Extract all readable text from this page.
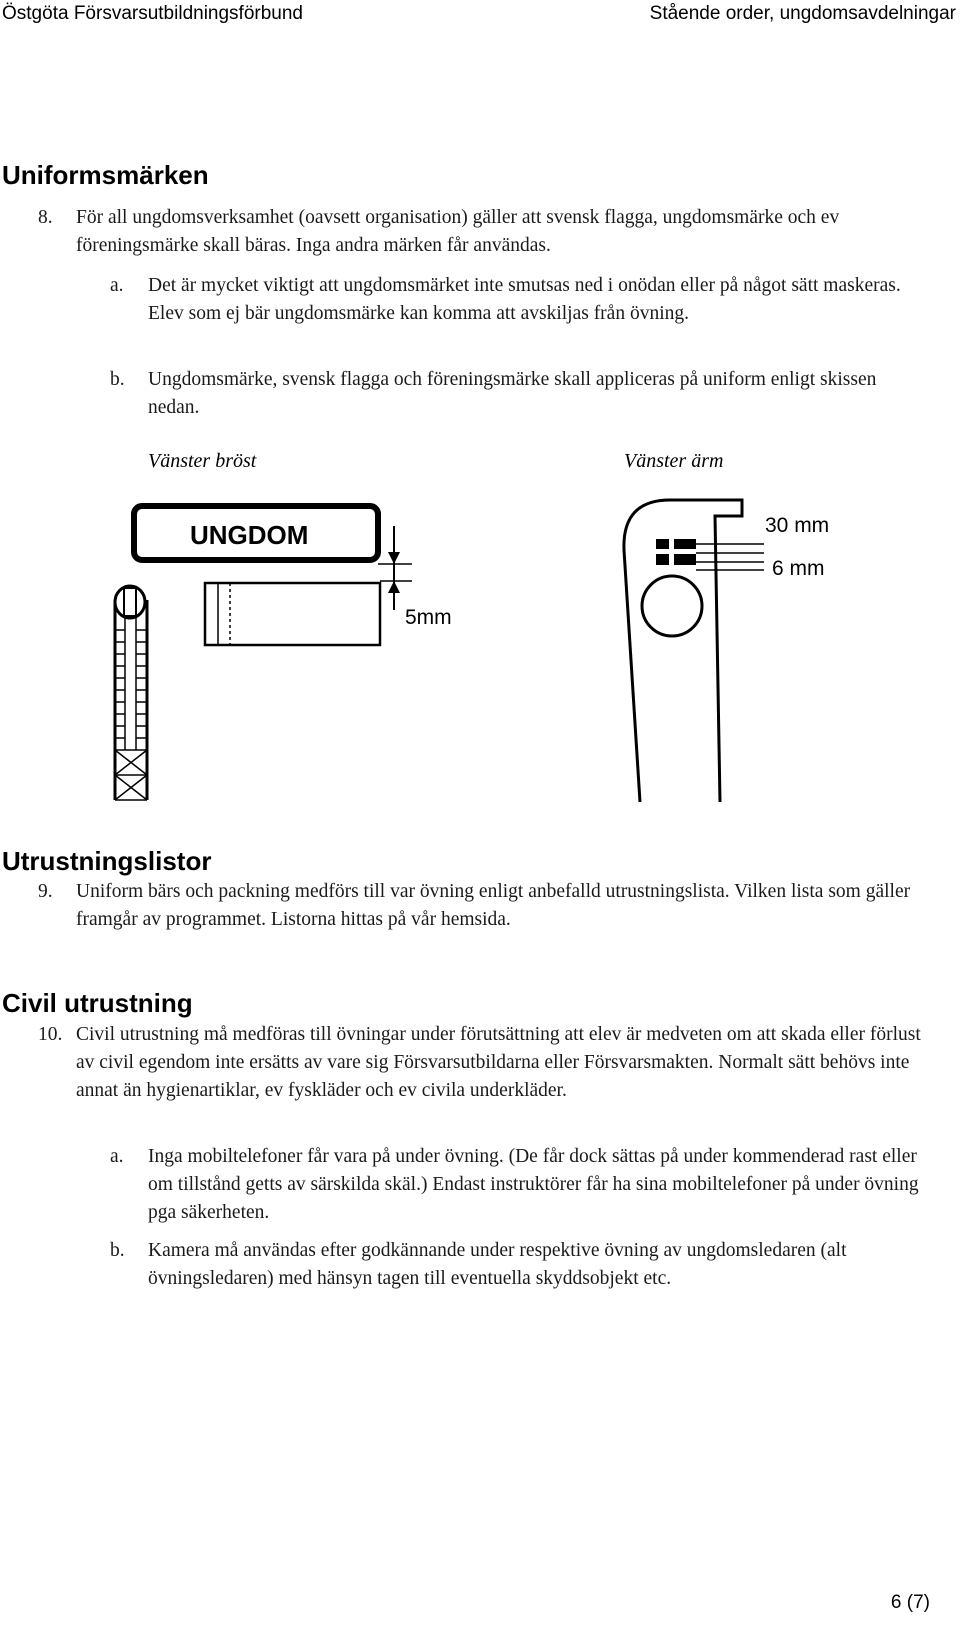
Östgöta Försvarsutbildningsförbund	Stående order, ungdomsavdelningar
Uniformsmärken
8.	För all ungdomsverksamhet (oavsett organisation) gäller att svensk flagga, ungdomsmärke och ev föreningsmärke skall bäras. Inga andra märken får användas.
a.	Det är mycket viktigt att ungdomsmärket inte smutsas ned i onödan eller på något sätt maskeras. Elev som ej bär ungdomsmärke kan komma att avskiljas från övning.
b.	Ungdomsmärke, svensk flagga och föreningsmärke skall appliceras på uniform enligt skissen nedan.
Vänster bröst	Vänster ärm
UNGDOM
5mm
30 mm
6 mm
Utrustningslistor
9.	Uniform bärs och packning medförs till var övning enligt anbefalld utrustningslista. Vilken lista som gäller framgår av programmet. Listorna hittas på vår hemsida.
Civil utrustning
10. Civil utrustning må medföras till övningar under förutsättning att elev är medveten om att skada eller förlust av civil egendom inte ersätts av vare sig Försvarsutbildarna eller Försvarsmakten. Normalt sätt behövs inte annat än hygienartiklar, ev fyskläder och ev civila underkläder.
a.	Inga mobiltelefoner får vara på under övning. (De får dock sättas på under kommenderad rast eller om tillstånd getts av särskilda skäl.) Endast instruktörer får ha sina mobiltelefoner på under övning pga säkerheten.
b.	Kamera må användas efter godkännande under respektive övning av ungdomsledaren (alt övningsledaren) med hänsyn tagen till eventuella skyddsobjekt etc.
6 (7)
